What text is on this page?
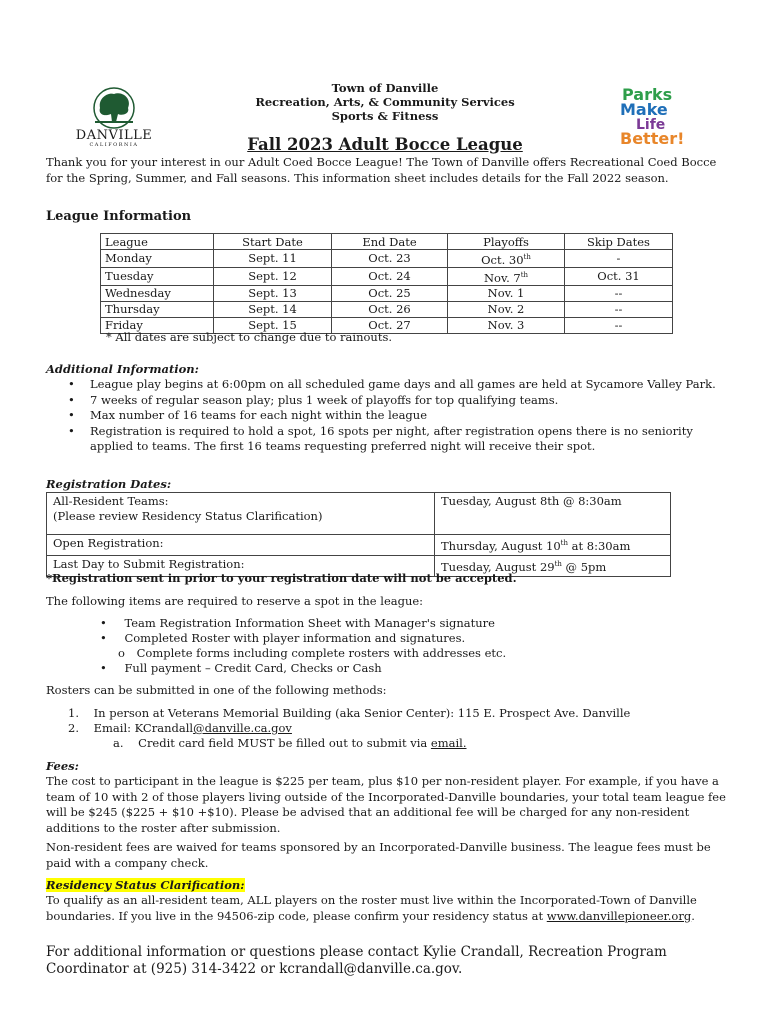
DANVILLE
CALIFORNIA
Parks
Make
Life
Better!
Town of Danville
Recreation, Arts, & Community Services
Sports & Fitness
Fall 2023 Adult Bocce League
Thank you for your interest in our Adult Coed Bocce League! The Town of Danville offers Recreational Coed Bocce for the Spring, Summer, and Fall seasons. This information sheet includes details for the Fall 2022 season.
League Information
League	Start Date	End Date	Playoffs	Skip Dates
Monday	Sept. 11	Oct. 23	Oct. 30th	-
Tuesday	Sept. 12	Oct. 24	Nov. 7th	Oct. 31
Wednesday	Sept. 13	Oct. 25	Nov. 1	--
Thursday	Sept. 14	Oct. 26	Nov. 2	--
Friday	Sept. 15	Oct. 27	Nov. 3	--
* All dates are subject to change due to rainouts.
Additional Information:
• League play begins at 6:00pm on all scheduled game days and all games are held at Sycamore Valley Park.
• 7 weeks of regular season play; plus 1 week of playoffs for top qualifying teams.
• Max number of 16 teams for each night within the league
• Registration is required to hold a spot, 16 spots per night, after registration opens there is no seniority applied to teams. The first 16 teams requesting preferred night will receive their spot.
Registration Dates:
All-Resident Teams:
(Please review Residency Status Clarification)	Tuesday, August 8th @ 8:30am
Open Registration:	Thursday, August 10th at 8:30am
Last Day to Submit Registration:	Tuesday, August 29th @ 5pm
*Registration sent in prior to your registration date will not be accepted.
The following items are required to reserve a spot in the league:
• Team Registration Information Sheet with Manager's signature
• Completed Roster with player information and signatures.
o Complete forms including complete rosters with addresses etc.
• Full payment – Credit Card, Checks or Cash
Rosters can be submitted in one of the following methods:
1.    In person at Veterans Memorial Building (aka Senior Center): 115 E. Prospect Ave. Danville
2.    Email: KCrandall@danville.ca.gov
a.    Credit card field MUST be filled out to submit via email.
Fees:
The cost to participant in the league is $225 per team, plus $10 per non-resident player. For example, if you have a team of 10 with 2 of those players living outside of the Incorporated-Danville boundaries, your total team league fee will be $245 ($225 + $10 +$10). Please be advised that an additional fee will be charged for any non-resident additions to the roster after submission.
Non-resident fees are waived for teams sponsored by an Incorporated-Danville business. The league fees must be paid with a company check.
Residency Status Clarification:
To qualify as an all-resident team, ALL players on the roster must live within the Incorporated-Town of Danville boundaries. If you live in the 94506-zip code, please confirm your residency status at www.danvillepioneer.org.
For additional information or questions please contact Kylie Crandall, Recreation Program Coordinator at (925) 314-3422 or kcrandall@danville.ca.gov.
